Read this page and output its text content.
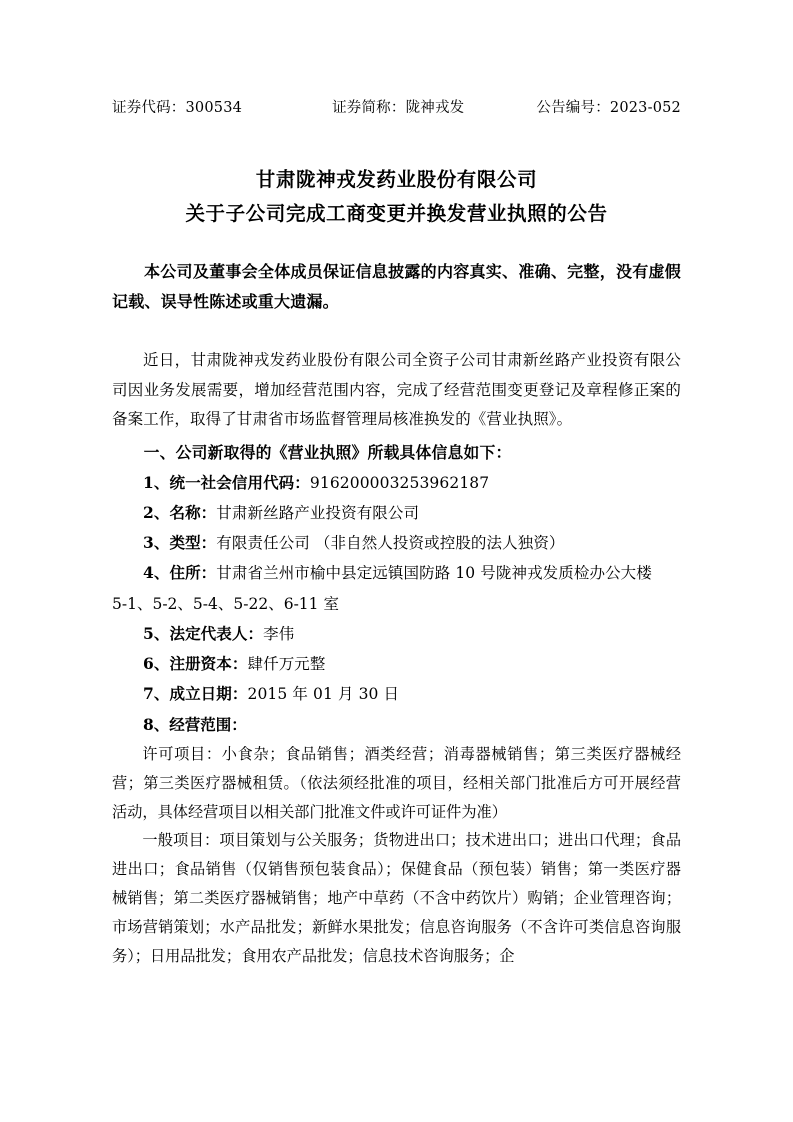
证券代码：300534	证券简称：陇神戎发	公告编号：2023-052
甘肃陇神戎发药业股份有限公司
关于子公司完成工商变更并换发营业执照的公告
本公司及董事会全体成员保证信息披露的内容真实、准确、完整，没有虚假记载、误导性陈述或重大遗漏。

近日，甘肃陇神戎发药业股份有限公司全资子公司甘肃新丝路产业投资有限公司因业务发展需要，增加经营范围内容，完成了经营范围变更登记及章程修正案的备案工作，取得了甘肃省市场监督管理局核准换发的《营业执照》。

一、公司新取得的《营业执照》所载具体信息如下：

1、统一社会信用代码：916200003253962187

2、名称：甘肃新丝路产业投资有限公司

3、类型：有限责任公司 （非自然人投资或控股的法人独资）

4、住所：甘肃省兰州市榆中县定远镇国防路 10 号陇神戎发质检办公大楼

5-1、5-2、5-4、5-22、6-11 室

5、法定代表人：李伟

6、注册资本：肆仟万元整

7、成立日期：2015 年 01 月 30 日

8、经营范围：

许可项目：小食杂；食品销售；酒类经营；消毒器械销售；第三类医疗器械经营；第三类医疗器械租赁。（依法须经批准的项目，经相关部门批准后方可开展经营活动，具体经营项目以相关部门批准文件或许可证件为准）

一般项目：项目策划与公关服务；货物进出口；技术进出口；进出口代理；食品进出口；食品销售（仅销售预包装食品）；保健食品（预包装）销售；第一类医疗器械销售；第二类医疗器械销售；地产中草药（不含中药饮片）购销；企业管理咨询；市场营销策划；水产品批发；新鲜水果批发；信息咨询服务（不含许可类信息咨询服务）；日用品批发；食用农产品批发；信息技术咨询服务；企
